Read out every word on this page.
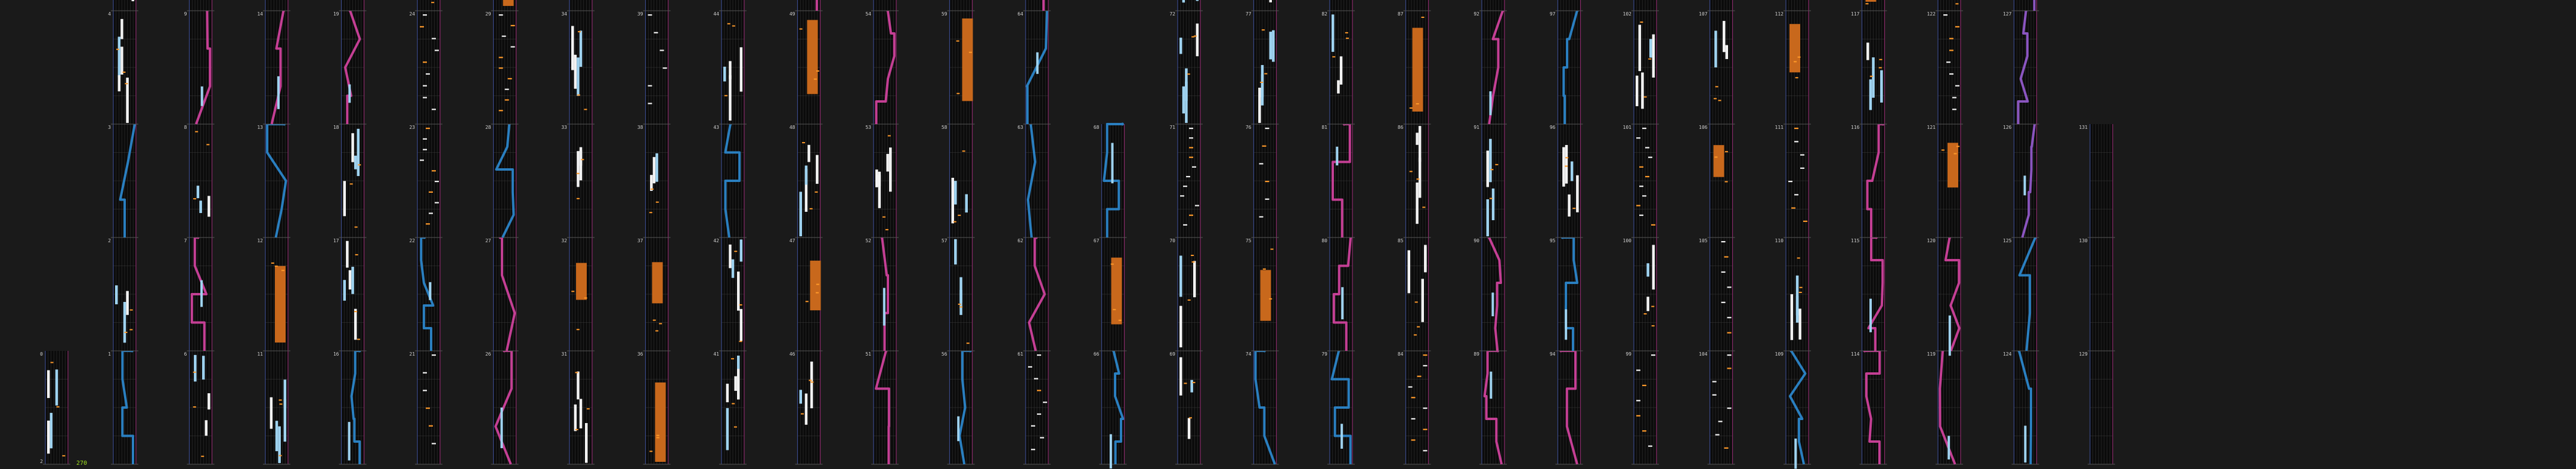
0
2
1
2
3
4
6
7
8
9
11
12
13
14
16
17
18
19
21
22
23
24
26
27
28
29
31
32
33
34
36
37
38
39
41
42
43
44
46
47
48
49
51
52
53
54
56
57
58
59
61
62
63
64
66
67
68
69
70
71
72
74
75
76
77
79
80
81
82
84
85
86
87
89
90
91
92
94
95
96
97
99
100
101
102
104
105
106
107
109
110
111
112
114
115
116
117
119
120
121
122
124
125
126
127
129
130
131
270
